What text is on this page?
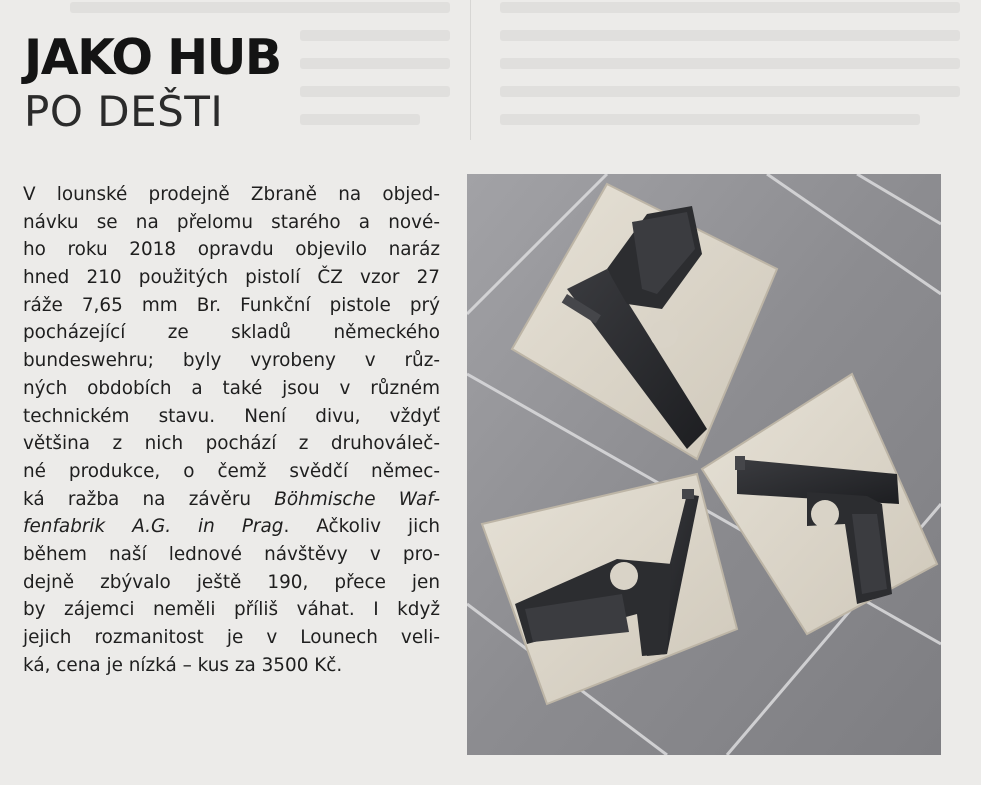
JAKO HUB
PO DEŠTI
V lounské prodejně Zbraně na objed-
návku se na přelomu starého a nové-
ho roku 2018 opravdu objevilo naráz
hned 210 použitých pistolí ČZ vzor 27
ráže 7,65 mm Br. Funkční pistole prý
pocházející ze skladů německého
bundeswehru; byly vyrobeny v růz-
ných obdobích a také jsou v různém
technickém stavu. Není divu, vždyť
většina z nich pochází z druhováleč-
né produkce, o čemž svědčí němec-
ká ražba na závěru Böhmische Waf-
fenfabrik A.G. in Prag. Ačkoliv jich
během naší lednové návštěvy v pro-
dejně zbývalo ještě 190, přece jen
by zájemci neměli příliš váhat. I když
jejich rozmanitost je v Lounech veli-
ká, cena je nízká – kus za 3500 Kč.
